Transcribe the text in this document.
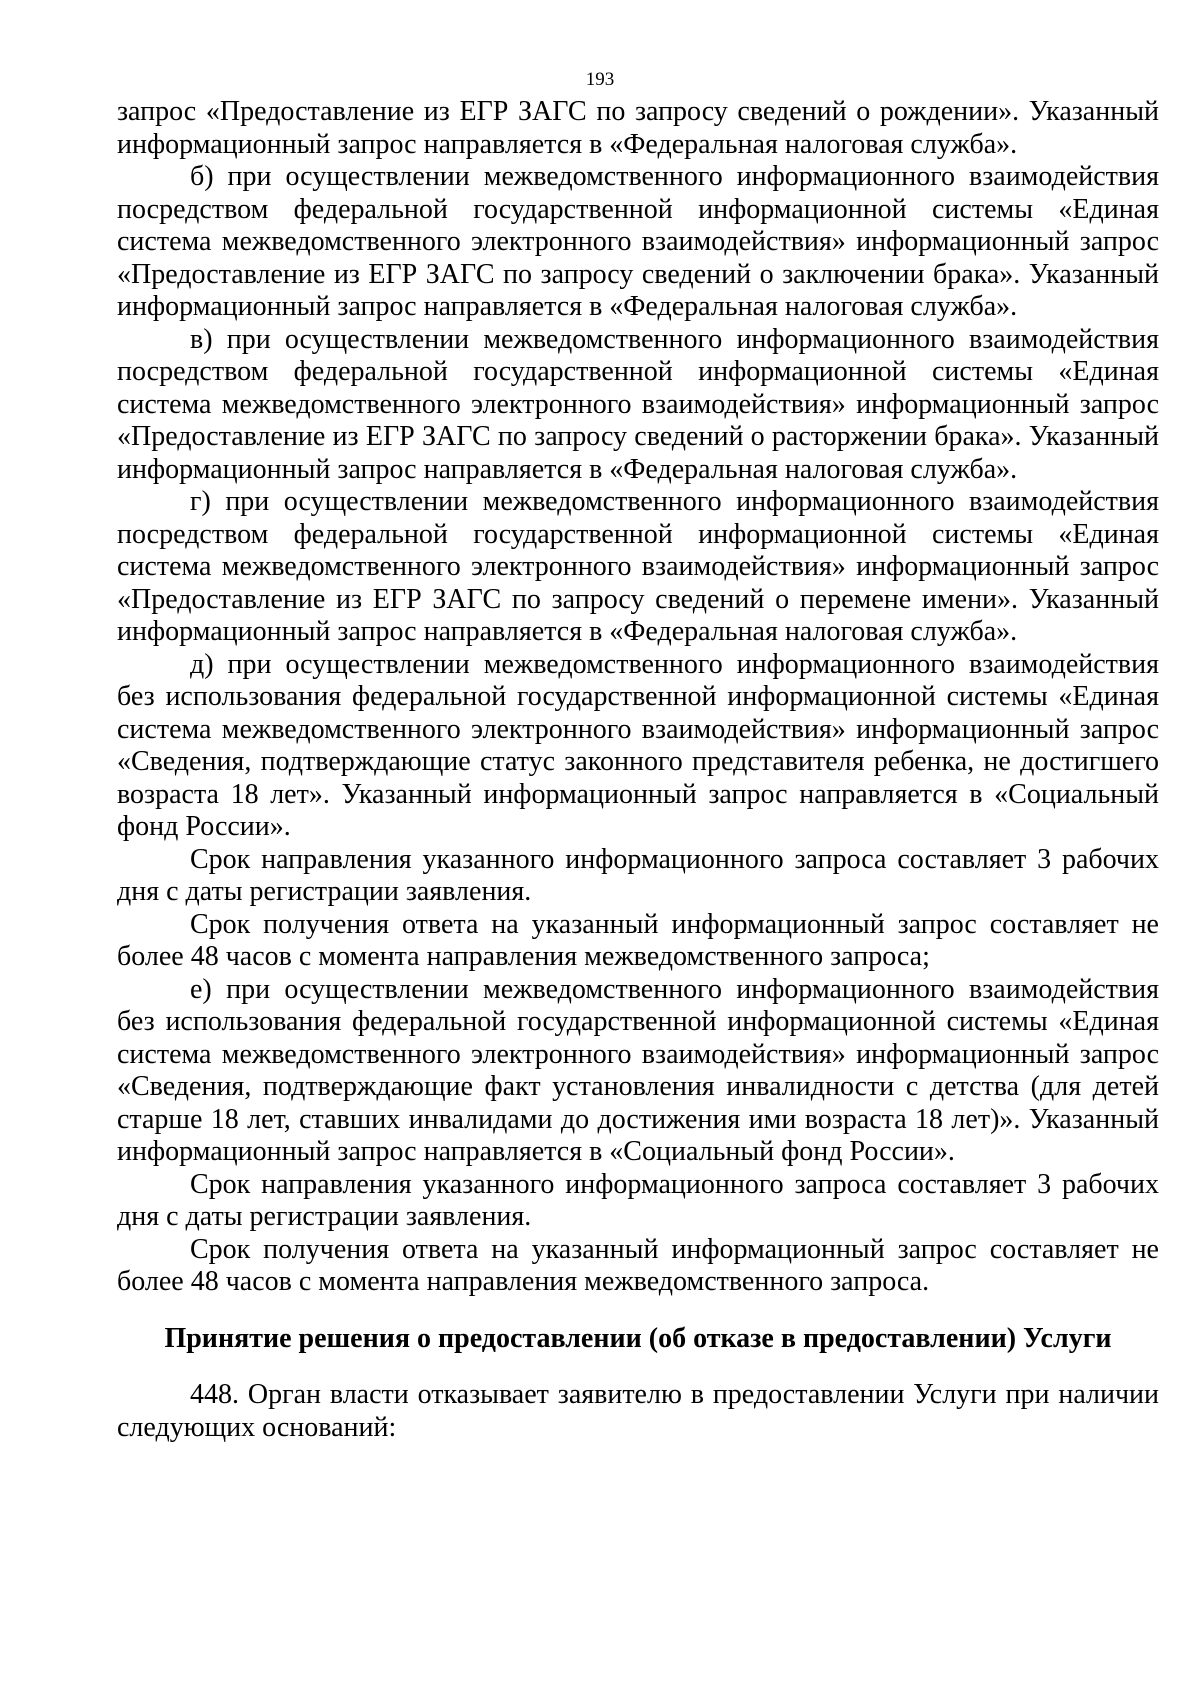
193

запрос «Предоставление из ЕГР ЗАГС по запросу сведений о рождении». Указанный информационный запрос направляется в «Федеральная налоговая служба».

б) при осуществлении межведомственного информационного взаимодействия посредством федеральной государственной информационной системы «Единая система межведомственного электронного взаимодействия» информационный запрос «Предоставление из ЕГР ЗАГС по запросу сведений о заключении брака». Указанный информационный запрос направляется в «Федеральная налоговая служба».

в) при осуществлении межведомственного информационного взаимодействия посредством федеральной государственной информационной системы «Единая система межведомственного электронного взаимодействия» информационный запрос «Предоставление из ЕГР ЗАГС по запросу сведений о расторжении брака». Указанный информационный запрос направляется в «Федеральная налоговая служба».

г) при осуществлении межведомственного информационного взаимодействия посредством федеральной государственной информационной системы «Единая система межведомственного электронного взаимодействия» информационный запрос «Предоставление из ЕГР ЗАГС по запросу сведений о перемене имени». Указанный информационный запрос направляется в «Федеральная налоговая служба».

д) при осуществлении межведомственного информационного взаимодействия без использования федеральной государственной информационной системы «Единая система межведомственного электронного взаимодействия» информационный запрос «Сведения, подтверждающие статус законного представителя ребенка, не достигшего возраста 18 лет». Указанный информационный запрос направляется в «Социальный фонд России».

Срок направления указанного информационного запроса составляет 3 рабочих дня с даты регистрации заявления.

Срок получения ответа на указанный информационный запрос составляет не более 48 часов с момента направления межведомственного запроса;

е) при осуществлении межведомственного информационного взаимодействия без использования федеральной государственной информационной системы «Единая система межведомственного электронного взаимодействия» информационный запрос «Сведения, подтверждающие факт установления инвалидности с детства (для детей старше 18 лет, ставших инвалидами до достижения ими возраста 18 лет)». Указанный информационный запрос направляется в «Социальный фонд России».

Срок направления указанного информационного запроса составляет 3 рабочих дня с даты регистрации заявления.

Срок получения ответа на указанный информационный запрос составляет не более 48 часов с момента направления межведомственного запроса.

Принятие решения о предоставлении (об отказе в предоставлении) Услуги

448. Орган власти отказывает заявителю в предоставлении Услуги при наличии следующих оснований:
